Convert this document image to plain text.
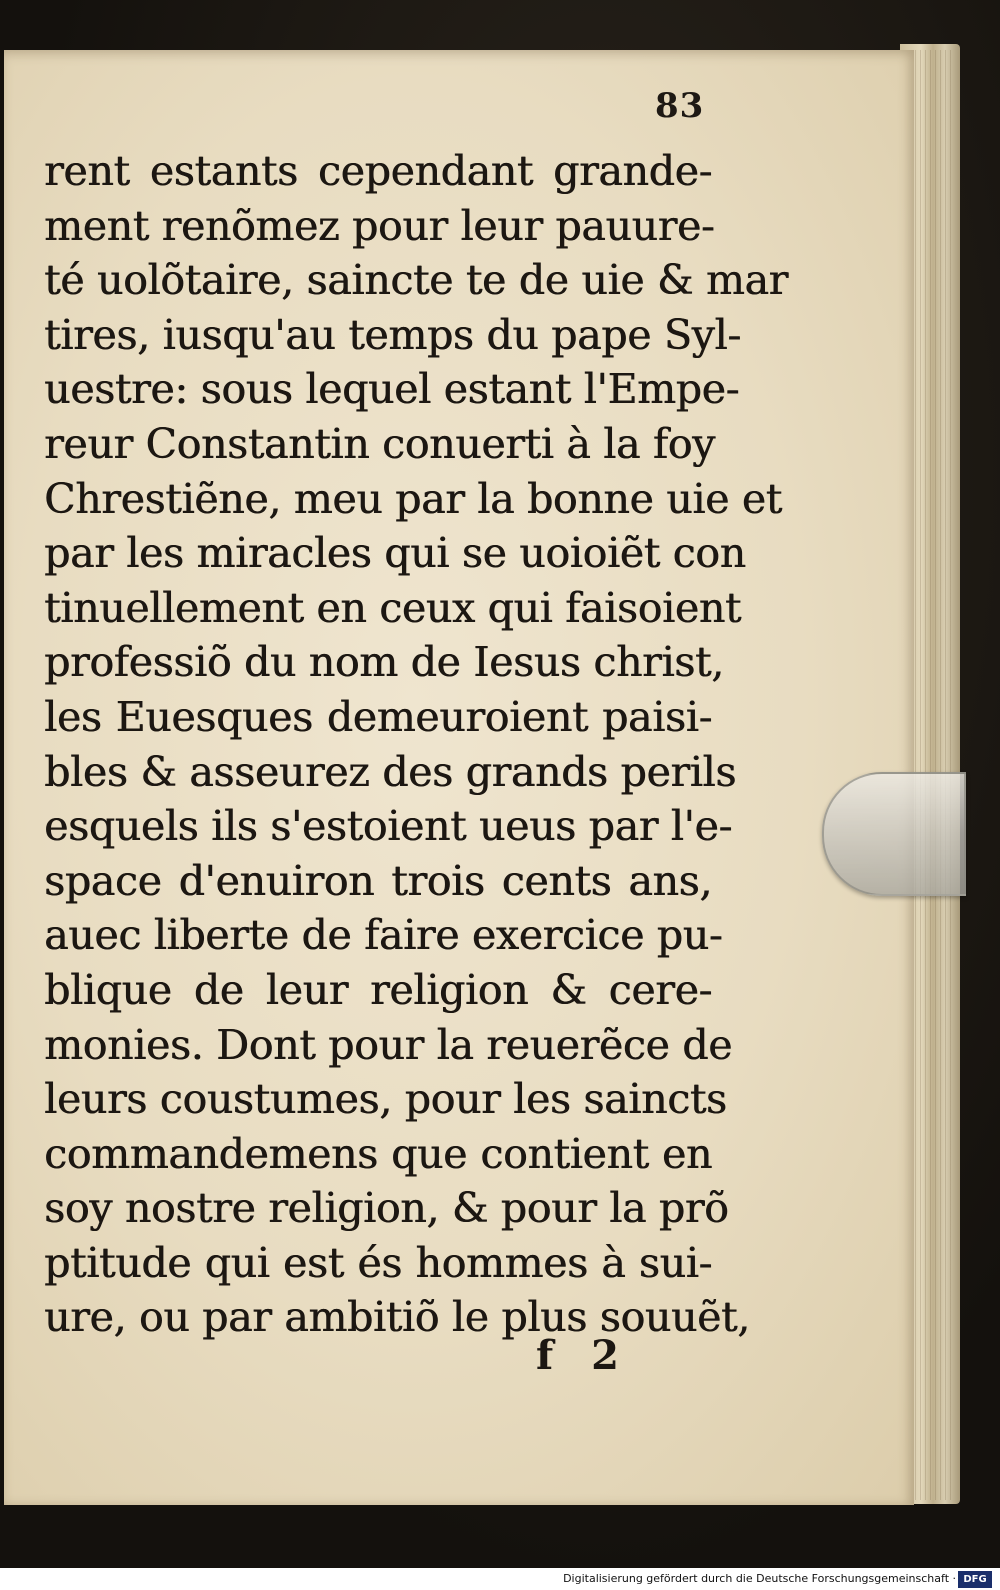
83
rent estants cependant grande-
ment renõmez pour leur pauure-
té uolõtaire, saincte te de uie & mar
tires, iusqu'au temps du pape Syl-
uestre: sous lequel estant l'Empe-
reur Constantin conuerti à la foy
Chrestiẽne, meu par la bonne uie et
par les miracles qui se uoioiẽt con
tinuellement en ceux qui faisoient
professiõ du nom de Iesus christ,
les Euesques demeuroient paisi-
bles & asseurez des grands perils
esquels ils s'estoient ueus par l'e-
space d'enuiron trois cents ans,
auec liberte de faire exercice pu-
blique de leur religion & cere-
monies. Dont pour la reuerẽce de
leurs coustumes, pour les saincts
commandemens que contient en
soy nostre religion, & pour la prõ
ptitude qui est és hommes à sui-
ure, ou par ambitiõ le plus souuẽt,
f 2
Digitalisierung gefördert durch die Deutsche Forschungsgemeinschaft · DFG
